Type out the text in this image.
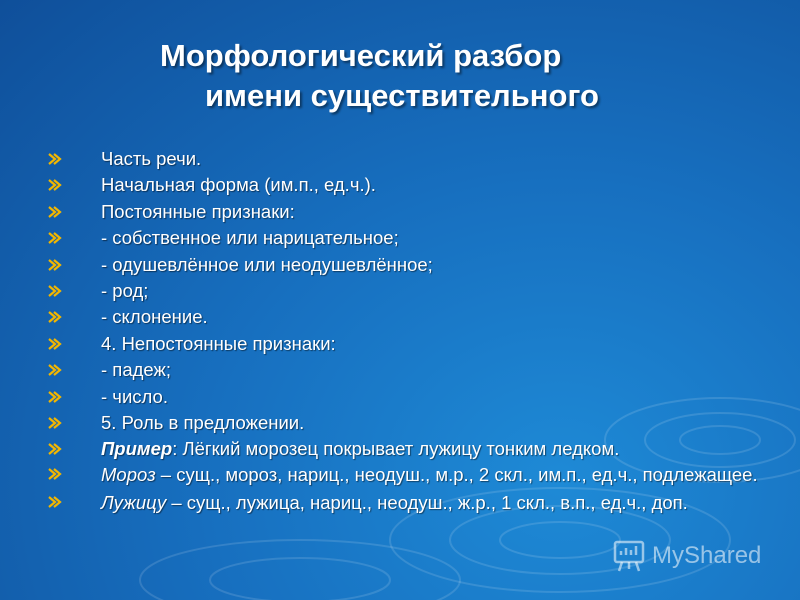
Морфологический разбор
имени существительного
Часть речи.
Начальная форма (им.п., ед.ч.).
Постоянные признаки:
- собственное или нарицательное;
- одушевлённое или неодушевлённое;
- род;
- склонение.
4. Непостоянные признаки:
- падеж;
- число.
5. Роль в предложении.
Пример: Лёгкий морозец покрывает лужицу тонким ледком.
Мороз – сущ., мороз, нариц., неодуш., м.р., 2 скл., им.п., ед.ч., подлежащее.
Лужицу – сущ., лужица, нариц., неодуш., ж.р., 1 скл., в.п., ед.ч., доп.
MyShared
